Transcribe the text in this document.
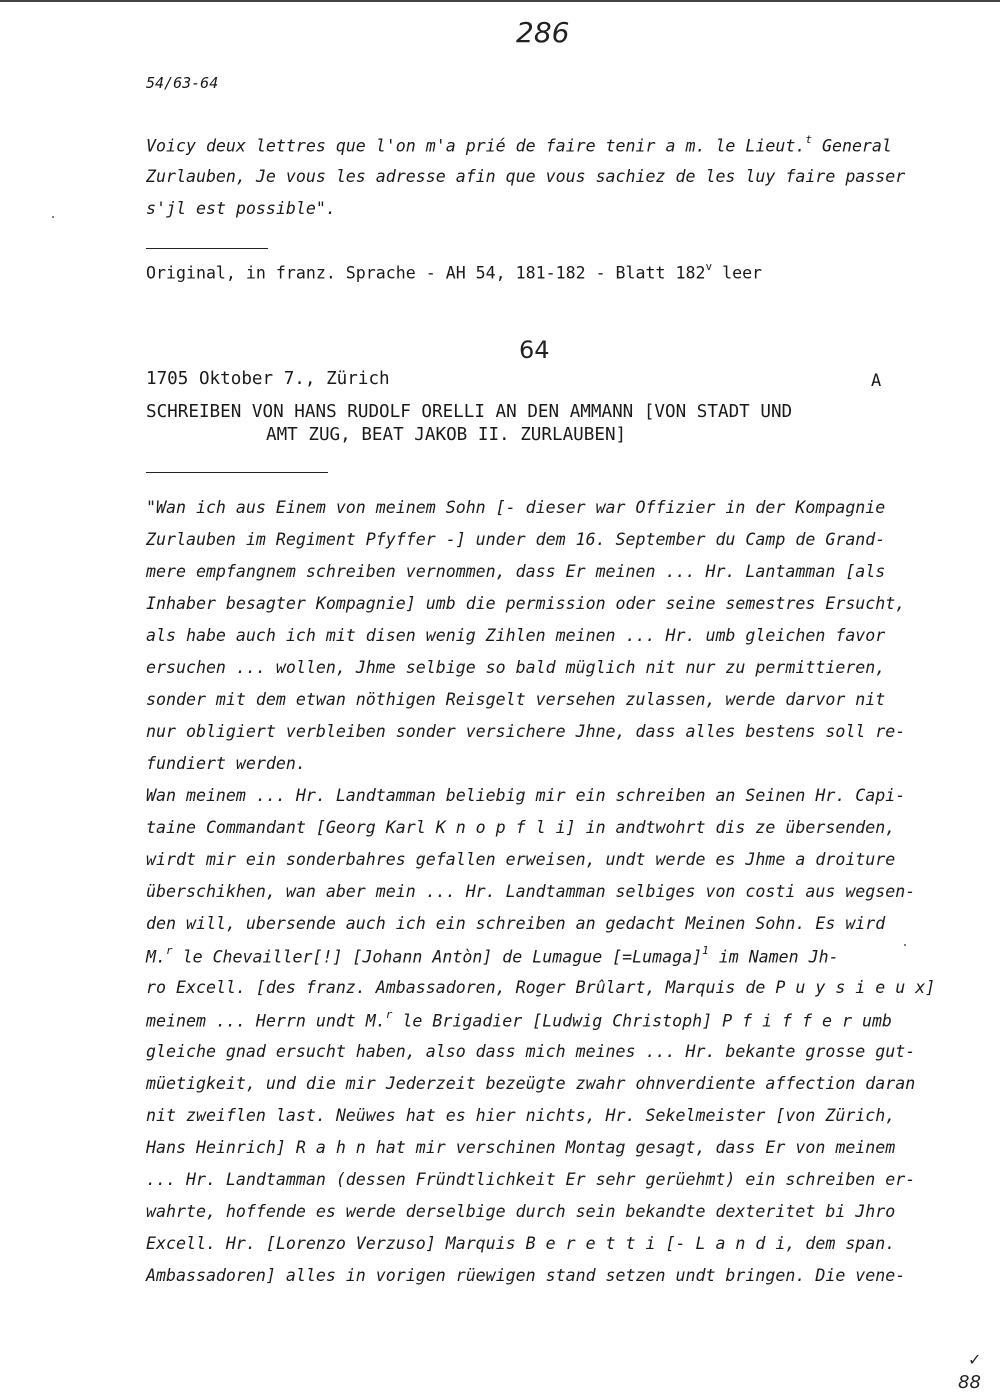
286
54/63-64
Voicy deux lettres que l'on m'a prié de faire tenir a m. le Lieut.$^t$ General
Zurlauben, Je vous les adresse afin que vous sachiez de les luy faire passer
s'jl est possible".
Original, in franz. Sprache - AH 54, 181-182 - Blatt 182$^v$ leer
64
1705 Oktober 7., Zürich	A
SCHREIBEN VON HANS RUDOLF ORELLI AN DEN AMMANN [VON STADT UND
AMT ZUG, BEAT JAKOB II. ZURLAUBEN]
"Wan ich aus Einem von meinem Sohn [- dieser war Offizier in der Kompagnie
Zurlauben im Regiment Pfyffer -] under dem 16. September du Camp de Grand-
mere empfangnem schreiben vernommen, dass Er meinen ... Hr. Lantamman [als
Inhaber besagter Kompagnie] umb die permission oder seine semestres Ersucht,
als habe auch ich mit disen wenig Zihlen meinen ... Hr. umb gleichen favor
ersuchen ... wollen, Jhme selbige so bald müglich nit nur zu permittieren,
sonder mit dem etwan nöthigen Reisgelt versehen zulassen, werde darvor nit
nur obligiert verbleiben sonder versichere Jhne, dass alles bestens soll re-
fundiert werden.
Wan meinem ... Hr. Landtamman beliebig mir ein schreiben an Seinen Hr. Capi-
taine Commandant [Georg Karl K n o p f l i] in andtwohrt dis ze übersenden,
wirdt mir ein sonderbahres gefallen erweisen, undt werde es Jhme a droiture
überschikhen, wan aber mein ... Hr. Landtamman selbiges von costi aus wegsen-
den will, ubersende auch ich ein schreiben an gedacht Meinen Sohn. Es wird
M.$^r$ le Chevailler[!] [Johann Antòn] de Lumague [=Lumaga]$^1$ im Namen Jh-
ro Excell. [des franz. Ambassadoren, Roger Brûlart, Marquis de P u y s i e u x]
meinem ... Herrn undt M.$^r$ le Brigadier [Ludwig Christoph] P f i f f e r umb
gleiche gnad ersucht haben, also dass mich meines ... Hr. bekante grosse gut-
müetigkeit, und die mir Jederzeit bezeügte zwahr ohnverdiente affection daran
nit zweiflen last. Neüwes hat es hier nichts, Hr. Sekelmeister [von Zürich,
Hans Heinrich] R a h n hat mir verschinen Montag gesagt, dass Er von meinem
... Hr. Landtamman (dessen Fründtlichkeit Er sehr gerüehmt) ein schreiben er-
wahrte, hoffende es werde derselbige durch sein bekandte dexteritet bi Jhro
Excell. Hr. [Lorenzo Verzuso] Marquis B e r e t t i [- L a n d i, dem span.
Ambassadoren] alles in vorigen rüewigen stand setzen undt bringen. Die vene-
✓
88
